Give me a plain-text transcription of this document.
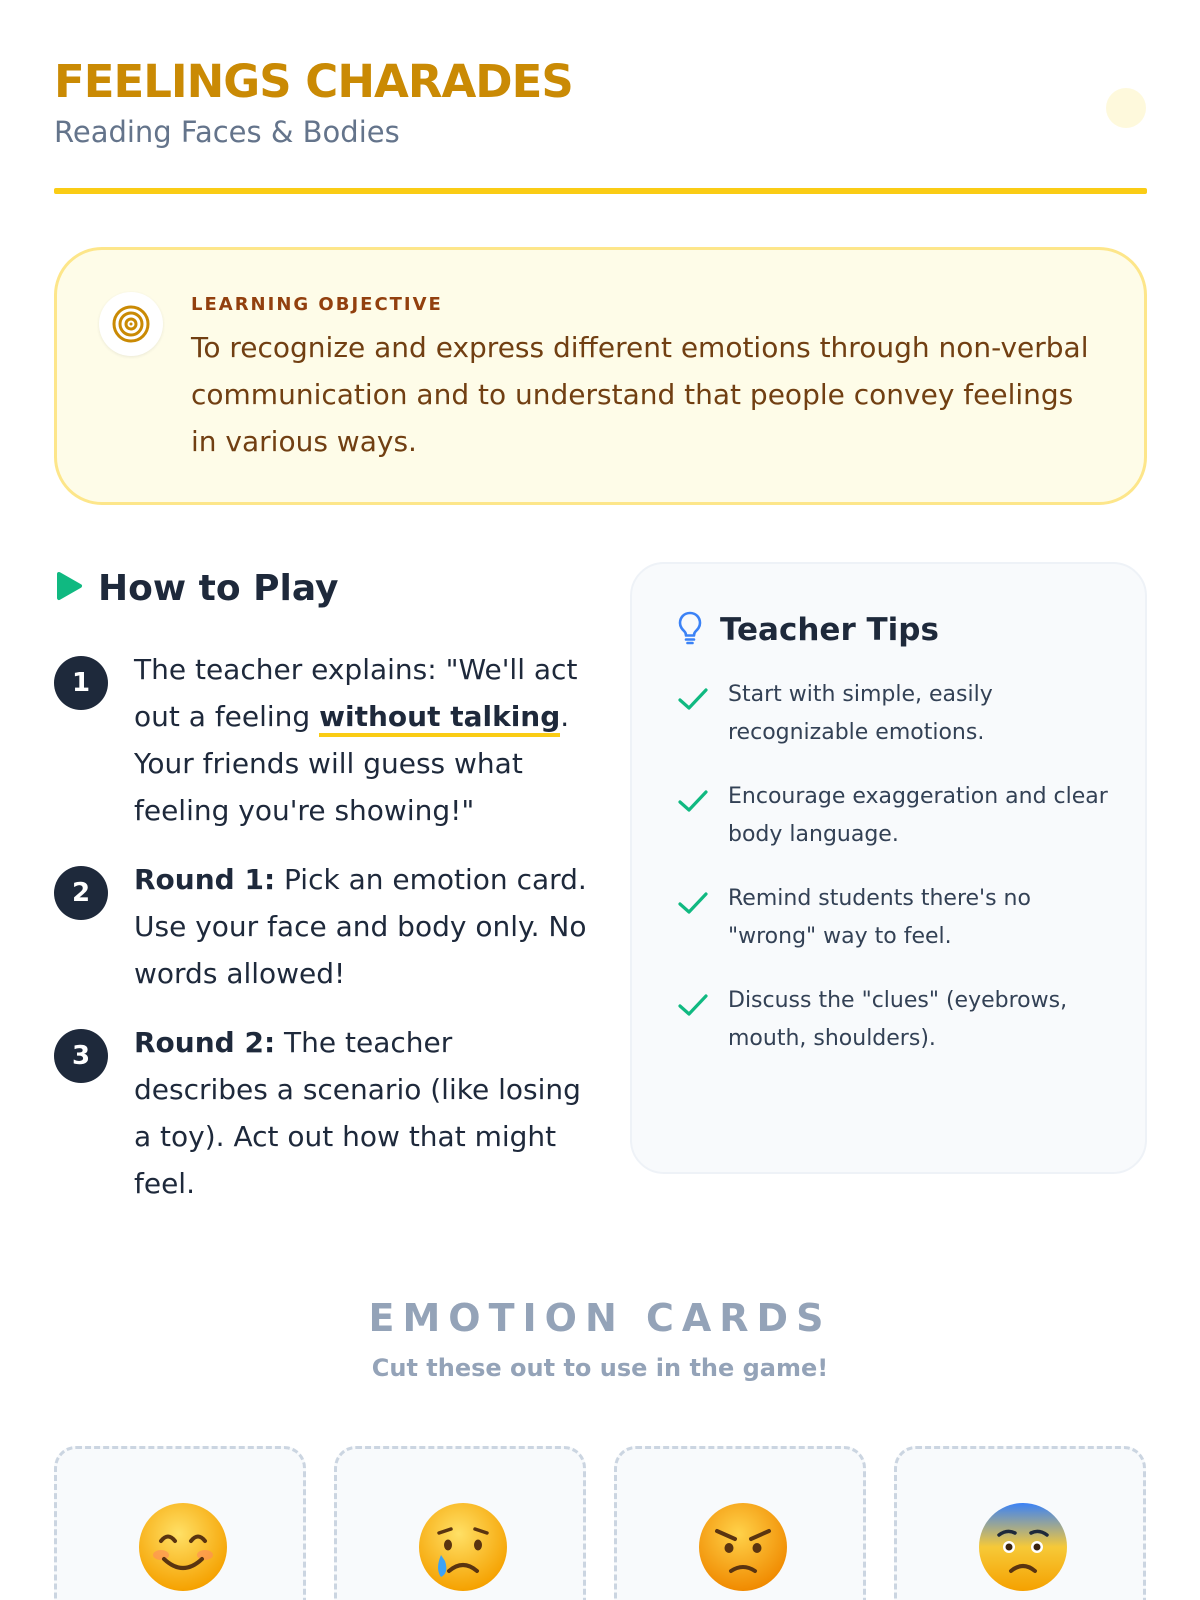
FEELINGS CHARADES
Reading Faces & Bodies
LEARNING OBJECTIVE
To recognize and express different emotions through non-verbal communication and to understand that people convey feelings in various ways.
How to Play
1	The teacher explains: "We'll act out a feeling without talking. Your friends will guess what feeling you're showing!"
2	Round 1: Pick an emotion card. Use your face and body only. No words allowed!
3	Round 2: The teacher describes a scenario (like losing a toy). Act out how that might feel.
Teacher Tips
Start with simple, easily recognizable emotions.
Encourage exaggeration and clear body language.
Remind students there's no "wrong" way to feel.
Discuss the "clues" (eyebrows, mouth, shoulders).
EMOTION CARDS
Cut these out to use in the game!
